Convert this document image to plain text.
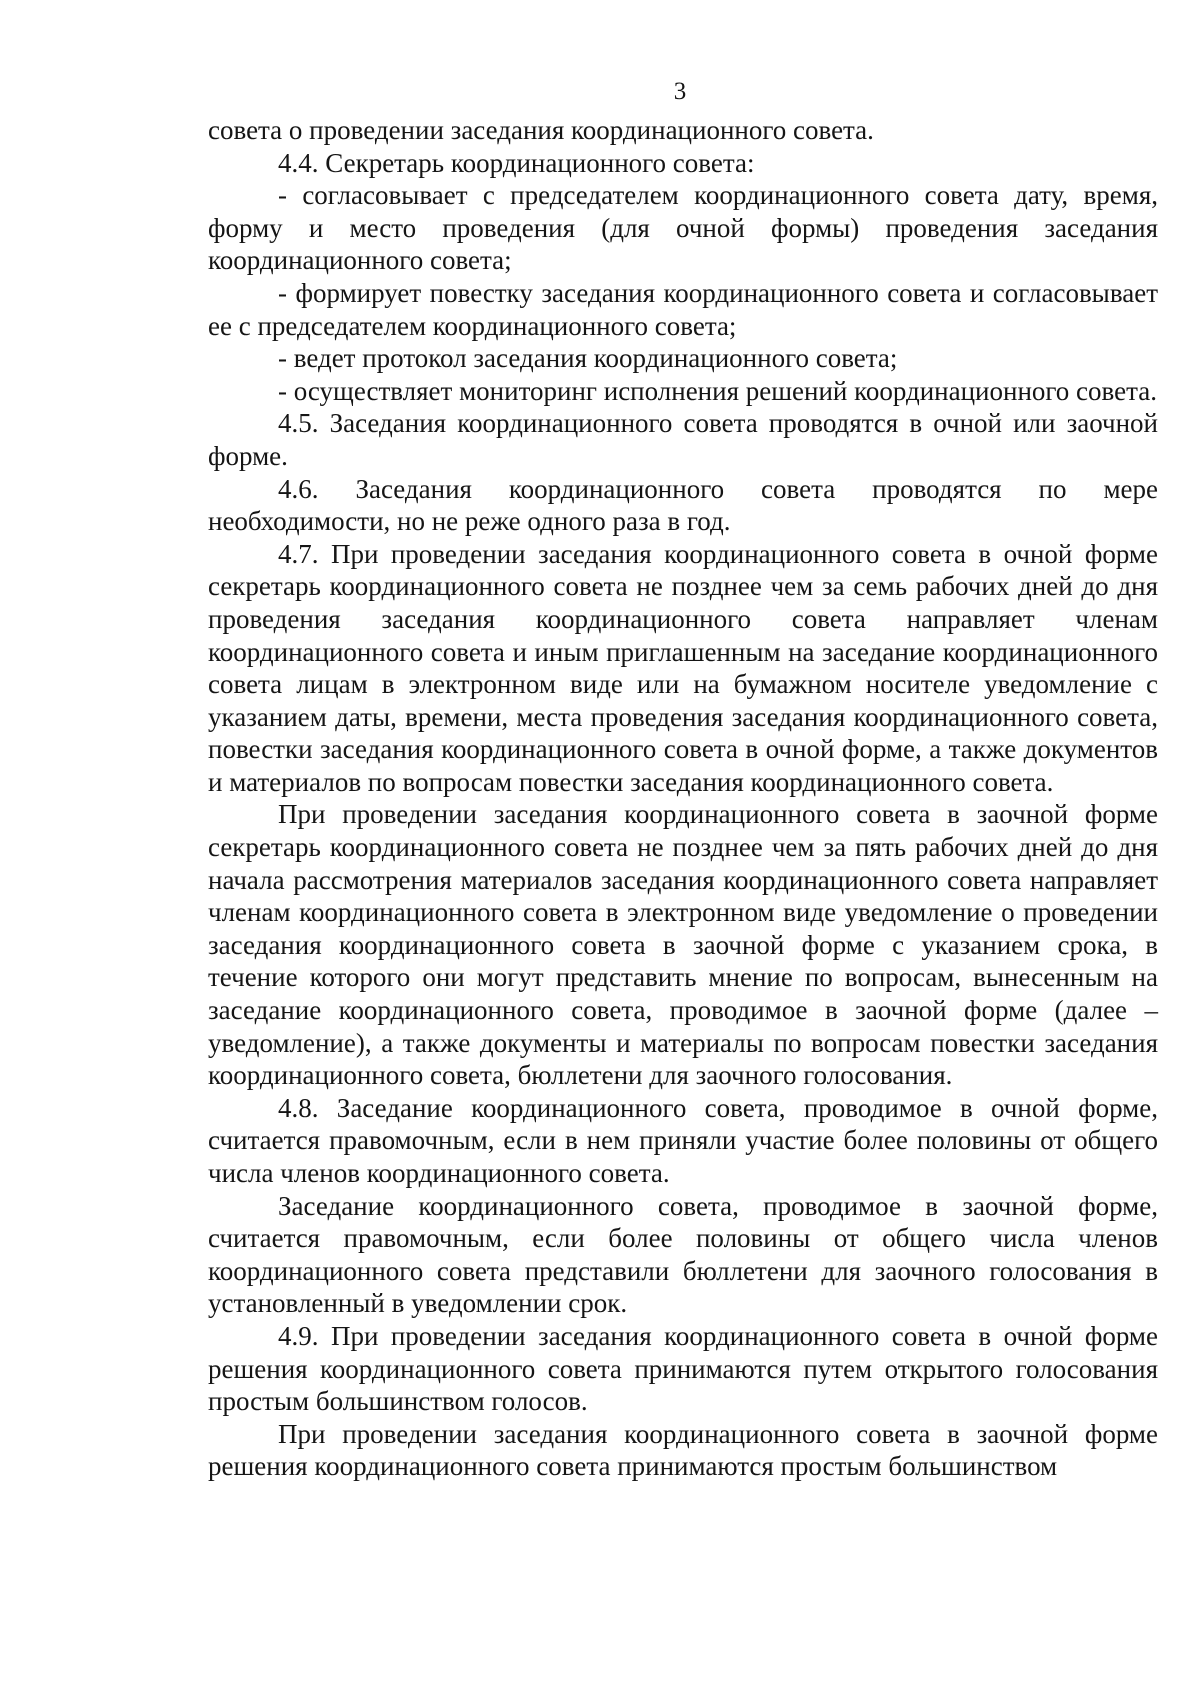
3

совета о проведении заседания координационного совета.

4.4. Секретарь координационного совета:

- согласовывает с председателем координационного совета дату, время, форму и место проведения (для очной формы) проведения заседания координационного совета;

- формирует повестку заседания координационного совета и согласовывает ее с председателем координационного совета;

- ведет протокол заседания координационного совета;

- осуществляет мониторинг исполнения решений координационного совета.

4.5. Заседания координационного совета проводятся в очной или заочной форме.

4.6. Заседания координационного совета проводятся по мере необходимости, но не реже одного раза в год.

4.7. При проведении заседания координационного совета в очной форме секретарь координационного совета не позднее чем за семь рабочих дней до дня проведения заседания координационного совета направляет членам координационного совета и иным приглашенным на заседание координационного совета лицам в электронном виде или на бумажном носителе уведомление с указанием даты, времени, места проведения заседания координационного совета, повестки заседания координационного совета в очной форме, а также документов и материалов по вопросам повестки заседания координационного совета.

При проведении заседания координационного совета в заочной форме секретарь координационного совета не позднее чем за пять рабочих дней до дня начала рассмотрения материалов заседания координационного совета направляет членам координационного совета в электронном виде уведомление о проведении заседания координационного совета в заочной форме с указанием срока, в течение которого они могут представить мнение по вопросам, вынесенным на заседание координационного совета, проводимое в заочной форме (далее – уведомление), а также документы и материалы по вопросам повестки заседания координационного совета, бюллетени для заочного голосования.

4.8. Заседание координационного совета, проводимое в очной форме, считается правомочным, если в нем приняли участие более половины от общего числа членов координационного совета.

Заседание координационного совета, проводимое в заочной форме, считается правомочным, если более половины от общего числа членов координационного совета представили бюллетени для заочного голосования в установленный в уведомлении срок.

4.9. При проведении заседания координационного совета в очной форме решения координационного совета принимаются путем открытого голосования простым большинством голосов.

При проведении заседания координационного совета в заочной форме решения координационного совета принимаются простым большинством
